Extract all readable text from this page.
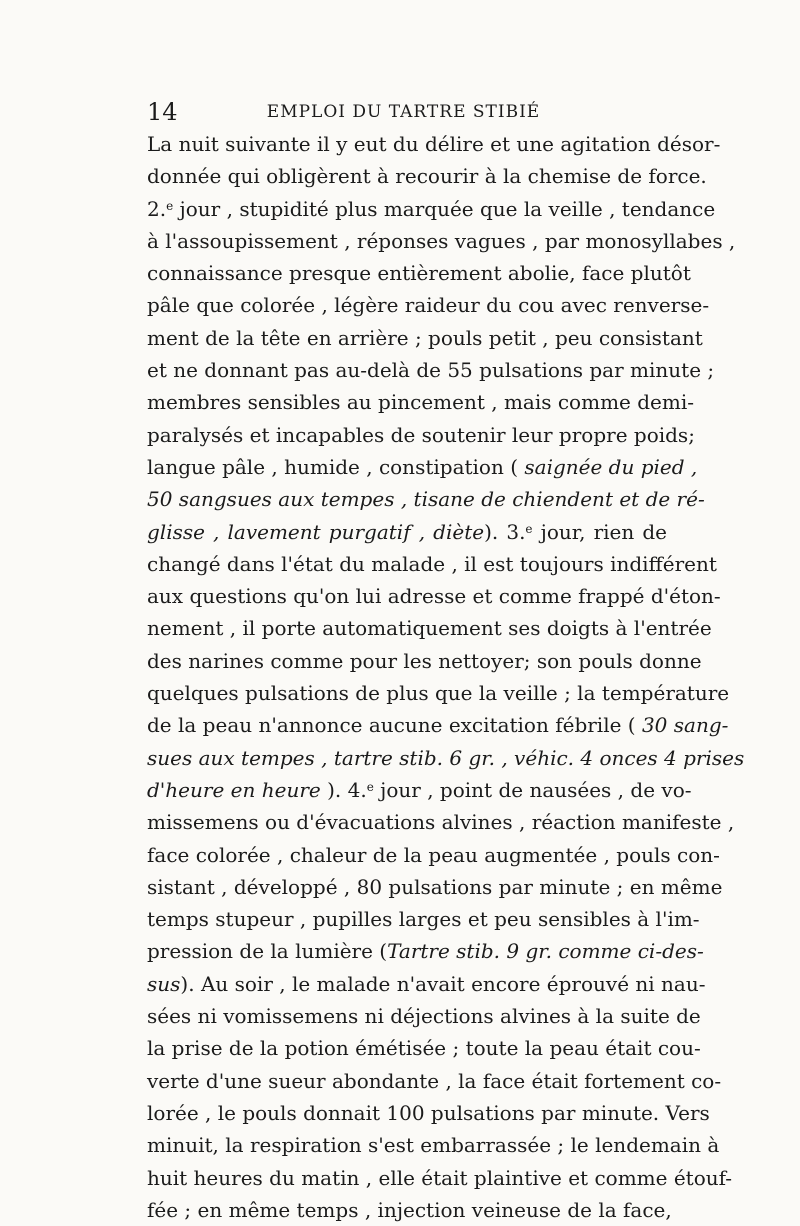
14	EMPLOI DU TARTRE STIBIÉ
La nuit suivante il y eut du délire et une agitation désor-
donnée qui obligèrent à recourir à la chemise de force.
2.$^e$ jour , stupidité plus marquée que la veille , tendance
à l'assoupissement , réponses vagues , par monosyllabes ,
connaissance presque entièrement abolie, face plutôt
pâle que colorée , légère raideur du cou avec renverse-
ment de la tête en arrière ; pouls petit , peu consistant
et ne donnant pas au-delà de 55 pulsations par minute ;
membres sensibles au pincement , mais comme demi-
paralysés et incapables de soutenir leur propre poids;
langue pâle , humide , constipation ( saignée du pied ,
50 sangsues aux tempes , tisane de chiendent et de ré-
glisse , lavement purgatif , diète). 3.$^e$ jour, rien de
changé dans l'état du malade , il est toujours indifférent
aux questions qu'on lui adresse et comme frappé d'éton-
nement , il porte automatiquement ses doigts à l'entrée
des narines comme pour les nettoyer; son pouls donne
quelques pulsations de plus que la veille ; la température
de la peau n'annonce aucune excitation fébrile ( 30 sang-
sues aux tempes , tartre stib. 6 gr. , véhic. 4 onces 4 prises
d'heure en heure ). 4.$^e$ jour , point de nausées , de vo-
missemens ou d'évacuations alvines , réaction manifeste ,
face colorée , chaleur de la peau augmentée , pouls con-
sistant , développé , 80 pulsations par minute ; en même
temps stupeur , pupilles larges et peu sensibles à l'im-
pression de la lumière (Tartre stib. 9 gr. comme ci-des-
sus). Au soir , le malade n'avait encore éprouvé ni nau-
sées ni vomissemens ni déjections alvines à la suite de
la prise de la potion émétisée ; toute la peau était cou-
verte d'une sueur abondante , la face était fortement co-
lorée , le pouls donnait 100 pulsations par minute. Vers
minuit, la respiration s'est embarrassée ; le lendemain à
huit heures du matin , elle était plaintive et comme étouf-
fée ; en même temps , injection veineuse de la face,
